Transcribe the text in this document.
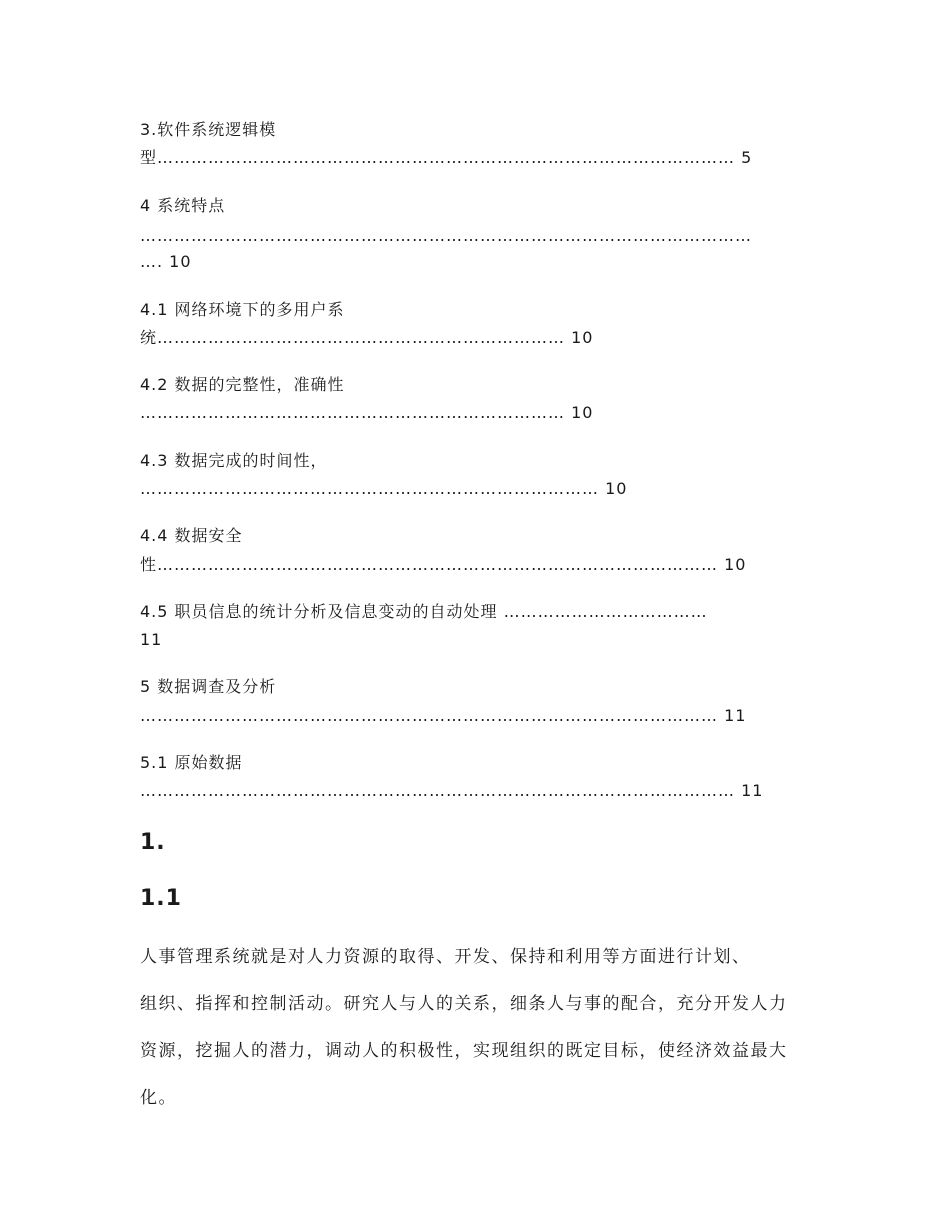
3.软件系统逻辑模
型………………………………………………………………………………………… 5
4 系统特点
………………………………………………………………………………………………
…. 10
4.1 网络环境下的多用户系
统……………………………………………………………… 10
4.2 数据的完整性，准确性
………………………………………………………………… 10
4.3 数据完成的时间性，
……………………………………………………………………… 10
4.4 数据安全
性……………………………………………………………………………………… 10
4.5 职员信息的统计分析及信息变动的自动处理 ………………………………
11
5 数据调查及分析
………………………………………………………………………………………… 11
5.1 原始数据
…………………………………………………………………………………………… 11
1.
1.1
人事管理系统就是对人力资源的取得、开发、保持和利用等方面进行计划、
组织、指挥和控制活动。研究人与人的关系，细条人与事的配合，充分开发人力
资源，挖掘人的潜力，调动人的积极性，实现组织的既定目标，使经济效益最大
化。
